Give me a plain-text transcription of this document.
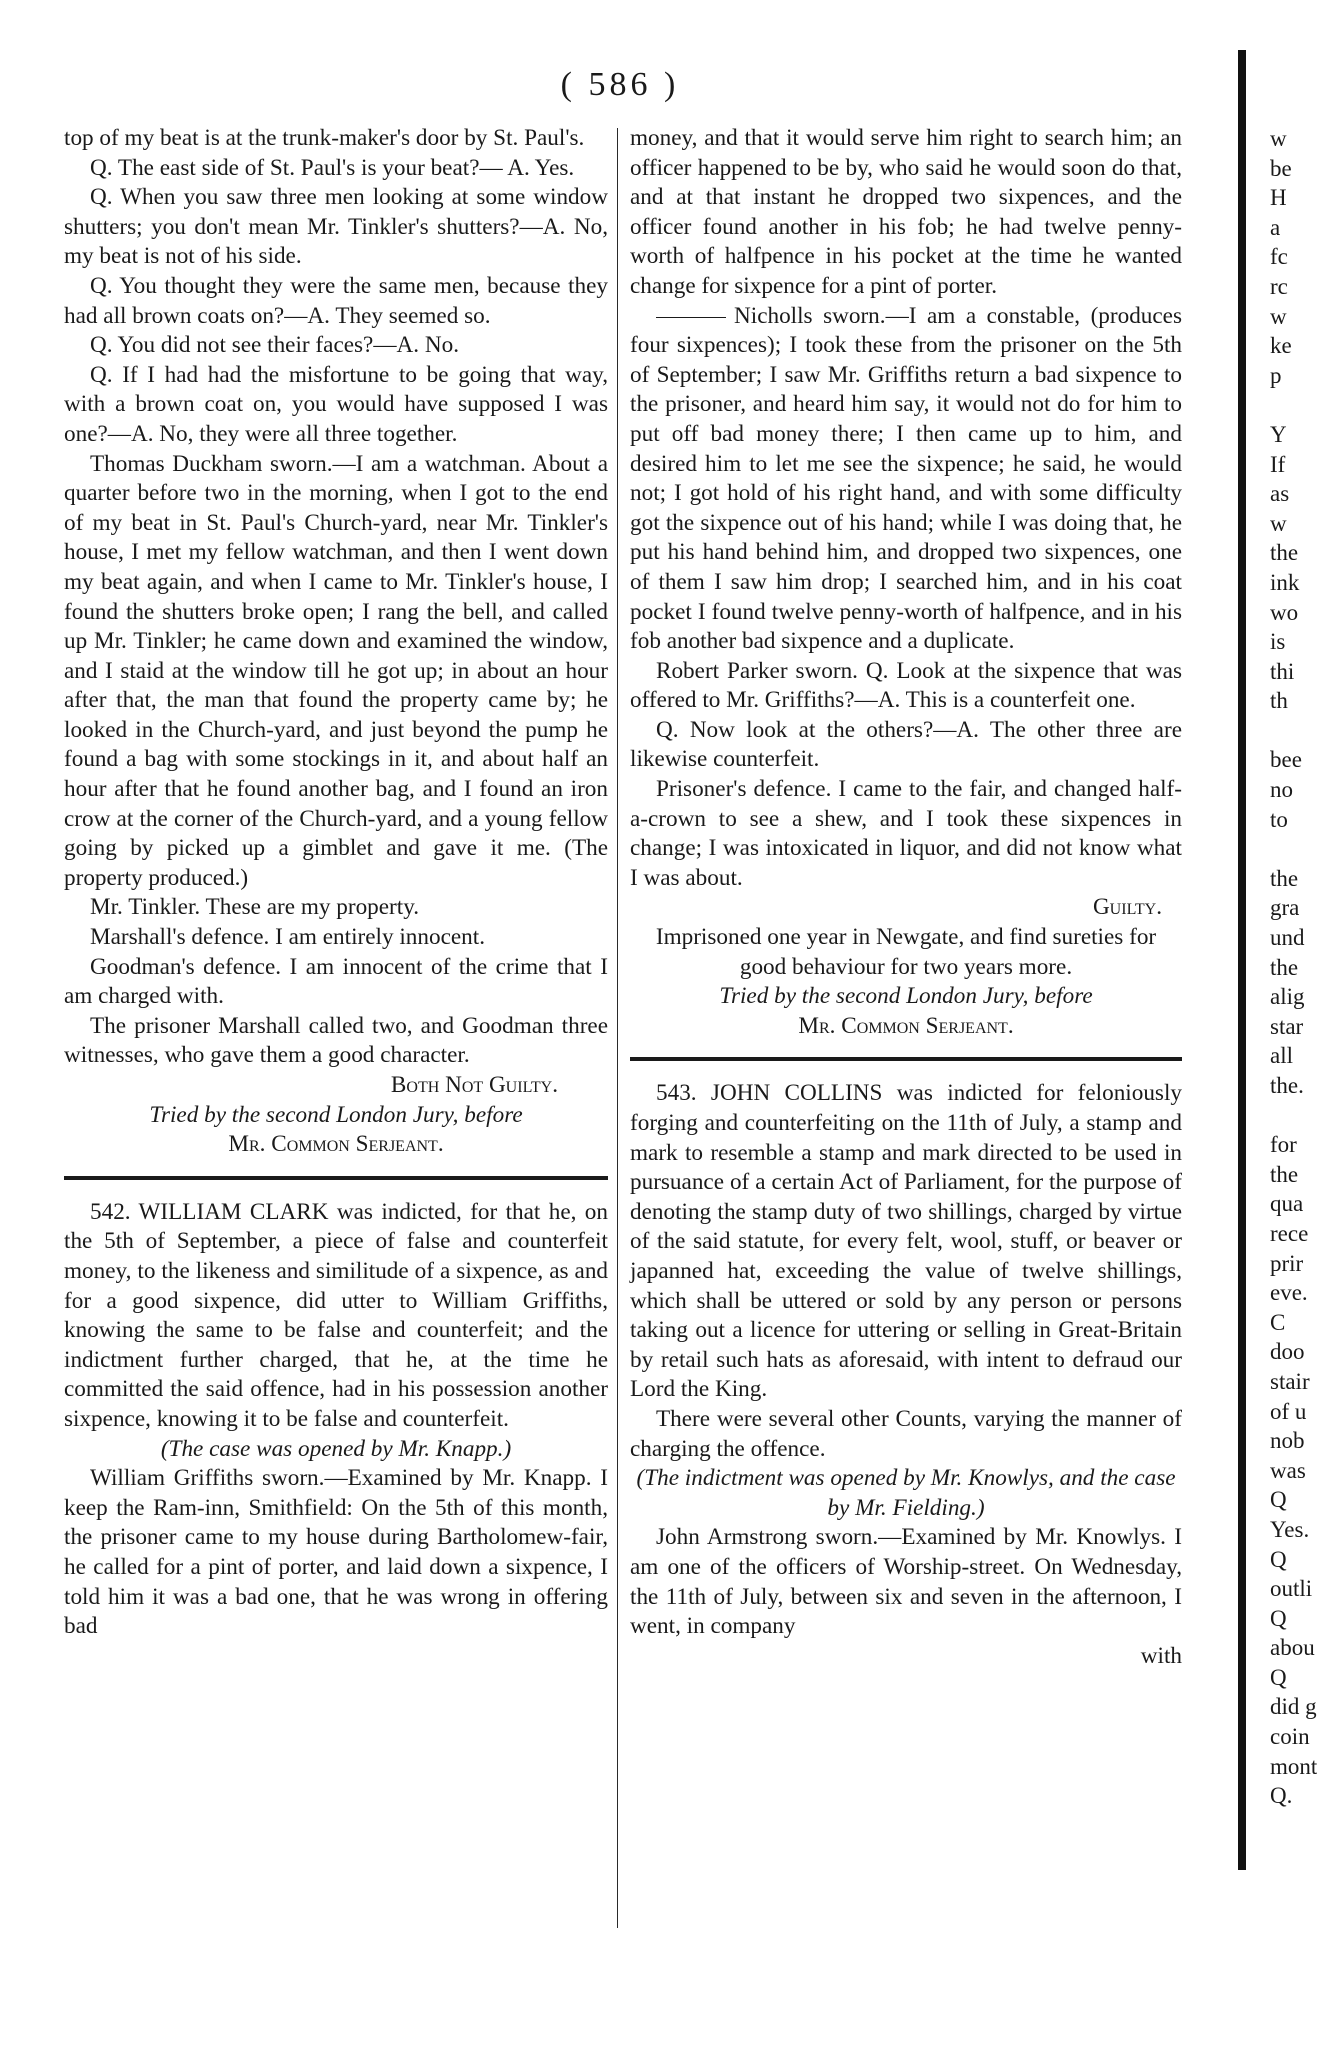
( 586 )

top of my beat is at the trunk-maker's door by St. Paul's.

Q. The east side of St. Paul's is your beat?— A. Yes.

Q. When you saw three men looking at some window shutters; you don't mean Mr. Tinkler's shutters?—A. No, my beat is not of his side.

Q. You thought they were the same men, because they had all brown coats on?—A. They seemed so.

Q. You did not see their faces?—A. No.

Q. If I had had the misfortune to be going that way, with a brown coat on, you would have supposed I was one?—A. No, they were all three together.

Thomas Duckham sworn.—I am a watchman. About a quarter before two in the morning, when I got to the end of my beat in St. Paul's Church-yard, near Mr. Tinkler's house, I met my fellow watchman, and then I went down my beat again, and when I came to Mr. Tinkler's house, I found the shutters broke open; I rang the bell, and called up Mr. Tinkler; he came down and examined the window, and I staid at the window till he got up; in about an hour after that, the man that found the property came by; he looked in the Church-yard, and just beyond the pump he found a bag with some stockings in it, and about half an hour after that he found another bag, and I found an iron crow at the corner of the Church-yard, and a young fellow going by picked up a gimblet and gave it me. (The property produced.)

Mr. Tinkler. These are my property.

Marshall's defence. I am entirely innocent.

Goodman's defence. I am innocent of the crime that I am charged with.

The prisoner Marshall called two, and Goodman three witnesses, who gave them a good character.

Both Not Guilty.

Tried by the second London Jury, before

Mr. Common Serjeant.

542. WILLIAM CLARK was indicted, for that he, on the 5th of September, a piece of false and counterfeit money, to the likeness and similitude of a sixpence, as and for a good sixpence, did utter to William Griffiths, knowing the same to be false and counterfeit; and the indictment further charged, that he, at the time he committed the said offence, had in his possession another sixpence, knowing it to be false and counterfeit.

(The case was opened by Mr. Knapp.)

William Griffiths sworn.—Examined by Mr. Knapp. I keep the Ram-inn, Smithfield: On the 5th of this month, the prisoner came to my house during Bartholomew-fair, he called for a pint of porter, and laid down a sixpence, I told him it was a bad one, that he was wrong in offering bad

money, and that it would serve him right to search him; an officer happened to be by, who said he would soon do that, and at that instant he dropped two sixpences, and the officer found another in his fob; he had twelve penny-worth of halfpence in his pocket at the time he wanted change for sixpence for a pint of porter.

Nicholls sworn.—I am a constable, (produces four sixpences); I took these from the prisoner on the 5th of September; I saw Mr. Griffiths return a bad sixpence to the prisoner, and heard him say, it would not do for him to put off bad money there; I then came up to him, and desired him to let me see the sixpence; he said, he would not; I got hold of his right hand, and with some difficulty got the sixpence out of his hand; while I was doing that, he put his hand behind him, and dropped two sixpences, one of them I saw him drop; I searched him, and in his coat pocket I found twelve penny-worth of halfpence, and in his fob another bad sixpence and a duplicate.

Robert Parker sworn. Q. Look at the sixpence that was offered to Mr. Griffiths?—A. This is a counterfeit one.

Q. Now look at the others?—A. The other three are likewise counterfeit.

Prisoner's defence. I came to the fair, and changed half-a-crown to see a shew, and I took these sixpences in change; I was intoxicated in liquor, and did not know what I was about.

Guilty.

Imprisoned one year in Newgate, and find sureties for good behaviour for two years more.

Tried by the second London Jury, before

Mr. Common Serjeant.

543. JOHN COLLINS was indicted for feloniously forging and counterfeiting on the 11th of July, a stamp and mark to resemble a stamp and mark directed to be used in pursuance of a certain Act of Parliament, for the purpose of denoting the stamp duty of two shillings, charged by virtue of the said statute, for every felt, wool, stuff, or beaver or japanned hat, exceeding the value of twelve shillings, which shall be uttered or sold by any person or persons taking out a licence for uttering or selling in Great-Britain by retail such hats as aforesaid, with intent to defraud our Lord the King.

There were several other Counts, varying the manner of charging the offence.

(The indictment was opened by Mr. Knowlys, and the case by Mr. Fielding.)

John Armstrong sworn.—Examined by Mr. Knowlys. I am one of the officers of Worship-street. On Wednesday, the 11th of July, between six and seven in the afternoon, I went, in company

with

w

be

H

a

fc

rc

w

ke

p

Y

If

as

w

the

ink

wo

is

thi

th

bee

no

to

the

gra

und

the

alig

star

all

the.

for

the

qua

rece

prir

eve.

C

doo

stair

of u

nob

was

Q

Yes.

Q

outli

Q

abou

Q

did g

coin

mont

Q.
